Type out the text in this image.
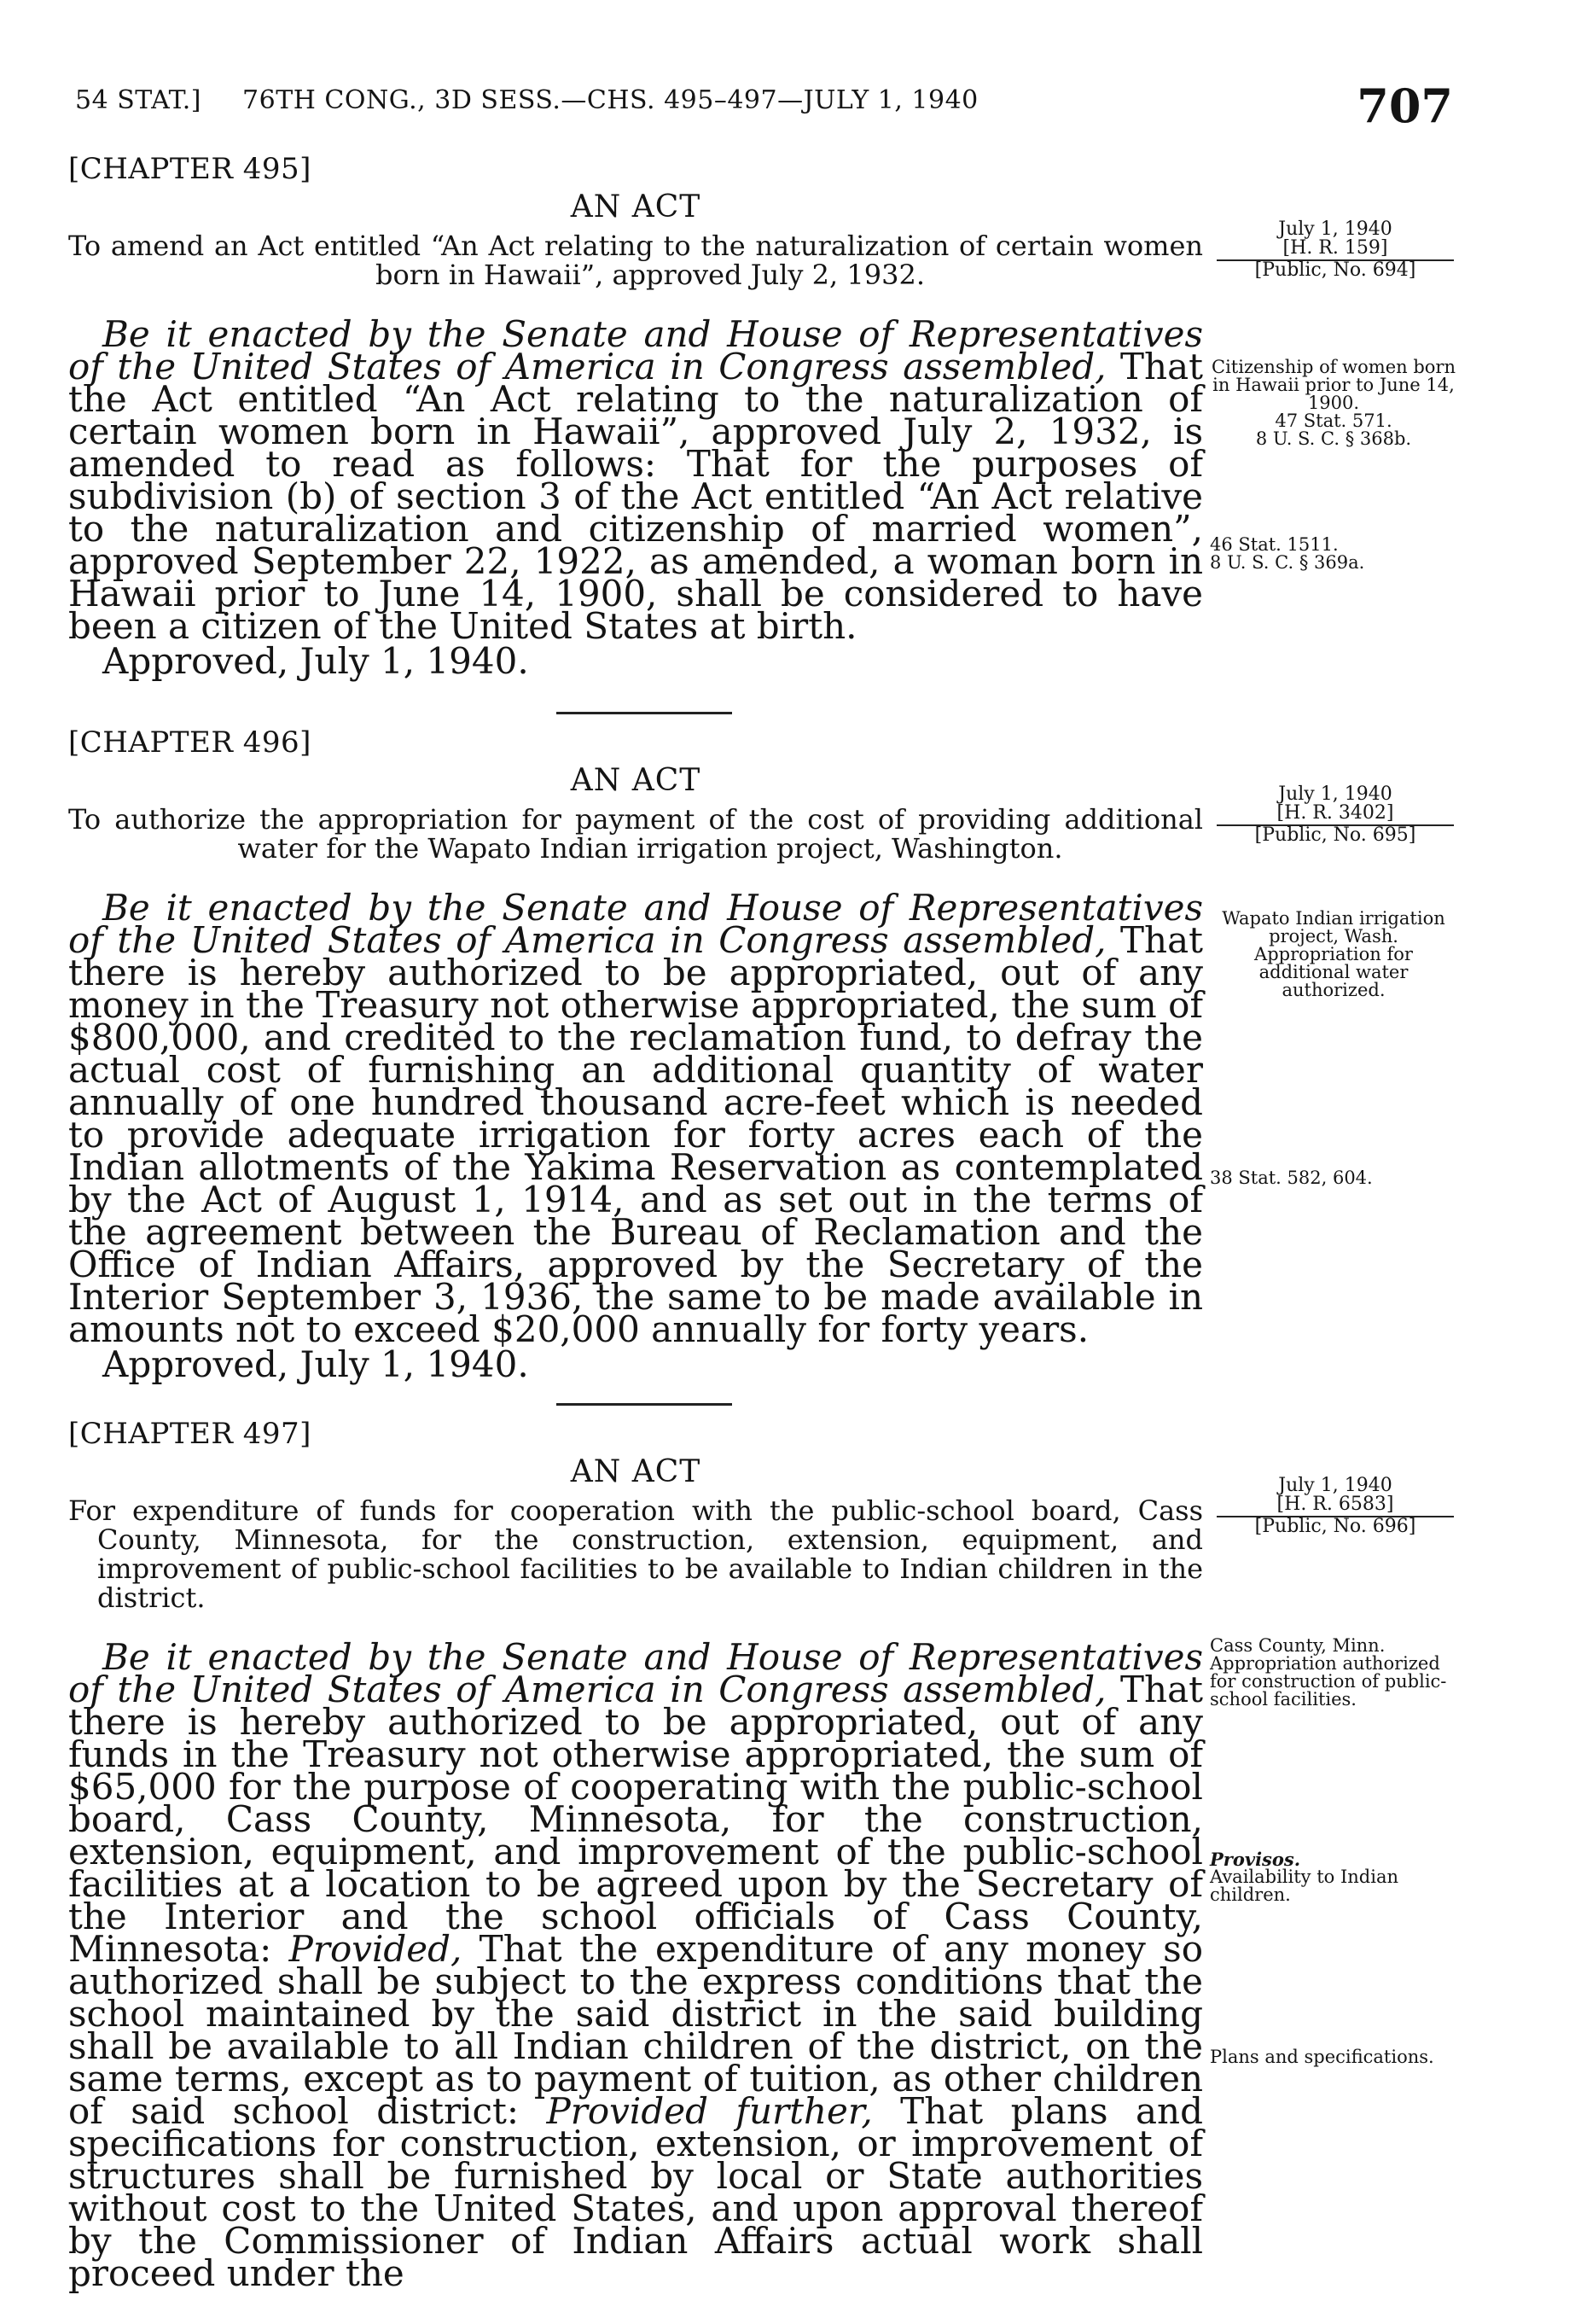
54 STAT.] 76TH CONG., 3D SESS.—CHS. 495–497—JULY 1, 1940	707
[CHAPTER 495]
AN ACT
To amend an Act entitled “An Act relating to the naturalization of certain women born in Hawaii”, approved July 2, 1932.
Be it enacted by the Senate and House of Representatives of the United States of America in Congress assembled, That the Act entitled “An Act relating to the naturalization of certain women born in Hawaii”, approved July 2, 1932, is amended to read as follows: That for the purposes of subdivision (b) of section 3 of the Act entitled “An Act relative to the naturalization and citizenship of married women”, approved September 22, 1922, as amended, a woman born in Hawaii prior to June 14, 1900, shall be considered to have been a citizen of the United States at birth.
Approved, July 1, 1940.
July 1, 1940
[H. R. 159]
[Public, No. 694]
Citizenship of women born in Hawaii prior to June 14, 1900.
47 Stat. 571.
8 U. S. C. § 368b.
46 Stat. 1511.
8 U. S. C. § 369a.
[CHAPTER 496]
AN ACT
To authorize the appropriation for payment of the cost of providing additional water for the Wapato Indian irrigation project, Washington.
Be it enacted by the Senate and House of Representatives of the United States of America in Congress assembled, That there is hereby authorized to be appropriated, out of any money in the Treasury not otherwise appropriated, the sum of $800,000, and credited to the reclamation fund, to defray the actual cost of furnishing an additional quantity of water annually of one hundred thousand acre-feet which is needed to provide adequate irrigation for forty acres each of the Indian allotments of the Yakima Reservation as contemplated by the Act of August 1, 1914, and as set out in the terms of the agreement between the Bureau of Reclamation and the Office of Indian Affairs, approved by the Secretary of the Interior September 3, 1936, the same to be made available in amounts not to exceed $20,000 annually for forty years.
Approved, July 1, 1940.
July 1, 1940
[H. R. 3402]
[Public, No. 695]
Wapato Indian irrigation project, Wash.
Appropriation for additional water authorized.
38 Stat. 582, 604.
[CHAPTER 497]
AN ACT
For expenditure of funds for cooperation with the public-school board, Cass County, Minnesota, for the construction, extension, equipment, and improvement of public-school facilities to be available to Indian children in the district.
Be it enacted by the Senate and House of Representatives of the United States of America in Congress assembled, That there is hereby authorized to be appropriated, out of any funds in the Treasury not otherwise appropriated, the sum of $65,000 for the purpose of cooperating with the public-school board, Cass County, Minnesota, for the construction, extension, equipment, and improvement of the public-school facilities at a location to be agreed upon by the Secretary of the Interior and the school officials of Cass County, Minnesota: Provided, That the expenditure of any money so authorized shall be subject to the express conditions that the school maintained by the said district in the said building shall be available to all Indian children of the district, on the same terms, except as to payment of tuition, as other children of said school district: Provided further, That plans and specifications for construction, extension, or improvement of structures shall be furnished by local or State authorities without cost to the United States, and upon approval thereof by the Commissioner of Indian Affairs actual work shall proceed under the
July 1, 1940
[H. R. 6583]
[Public, No. 696]
Cass County, Minn.
Appropriation authorized for construction of public-school facilities.
Provisos.
Availability to Indian children.
Plans and specifications.
